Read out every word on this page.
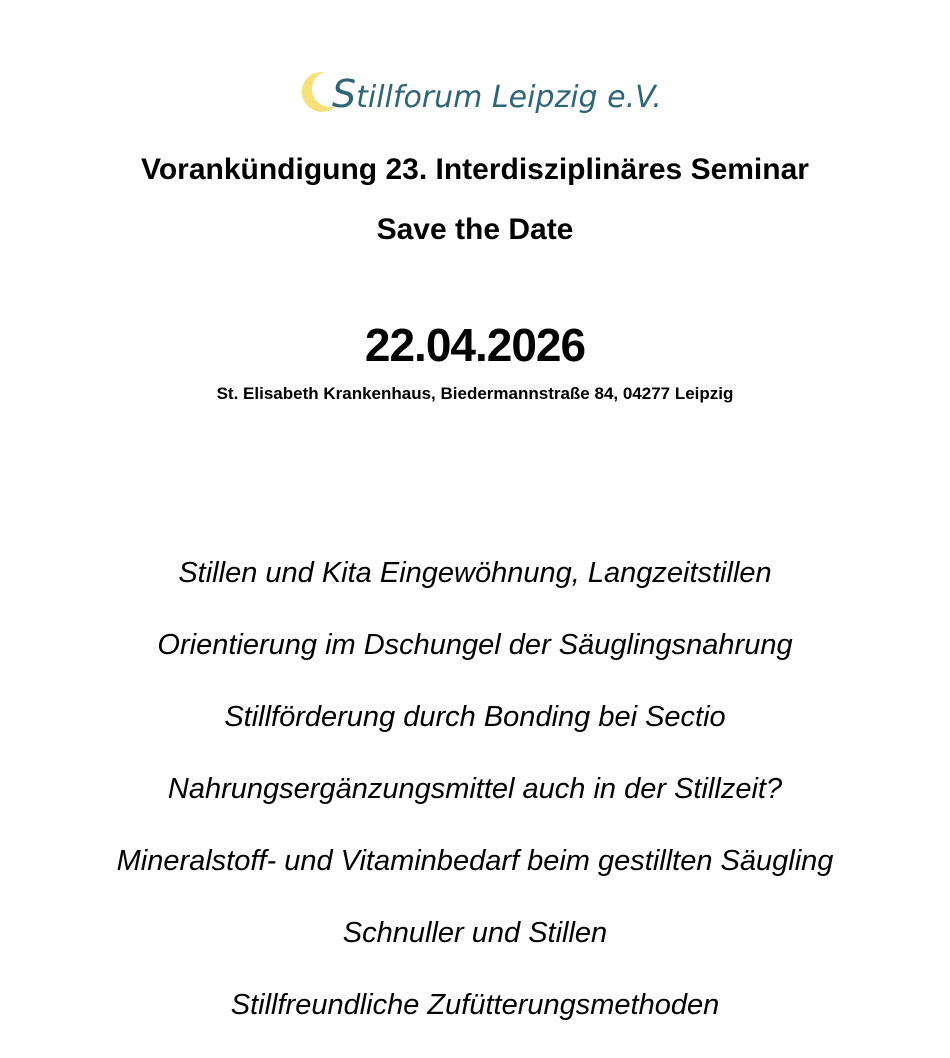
Stillforum Leipzig e.V.
Vorankündigung 23. Interdisziplinäres Seminar
Save the Date
22.04.2026
St. Elisabeth Krankenhaus, Biedermannstraße 84, 04277 Leipzig
Stillen und Kita Eingewöhnung, Langzeitstillen
Orientierung im Dschungel der Säuglingsnahrung
Stillförderung durch Bonding bei Sectio
Nahrungsergänzungsmittel auch in der Stillzeit?
Mineralstoff- und Vitaminbedarf beim gestillten Säugling
Schnuller und Stillen
Stillfreundliche Zufütterungsmethoden
